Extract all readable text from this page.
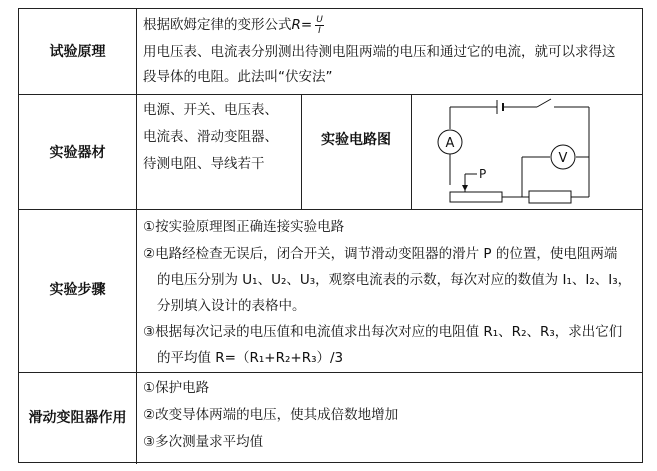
试验原理
根据欧姆定律的变形公式$R= \frac{U}{I}$
用电压表、电流表分别测出待测电阻两端的电压和通过它的电流，就可以求得这
段导体的电阻。此法叫“伏安法”
实验器材
电源、开关、电压表、
电流表、滑动变阻器、
待测电阻、导线若干
实验电路图	A
V
P
实验步骤
①按实验原理图正确连接实验电路
②电路经检查无误后，闭合开关，调节滑动变阻器的滑片 P 的位置，使电阻两端
的电压分别为 U₁、U₂、U₃，观察电流表的示数，每次对应的数值为 I₁、I₂、I₃，
分别填入设计的表格中。
③根据每次记录的电压值和电流值求出每次对应的电阻值 R₁、R₂、R₃，求出它们
的平均值 R=（R₁+R₂+R₃）/3
滑动变阻器作用
①保护电路
②改变导体两端的电压，使其成倍数地增加
③多次测量求平均值
